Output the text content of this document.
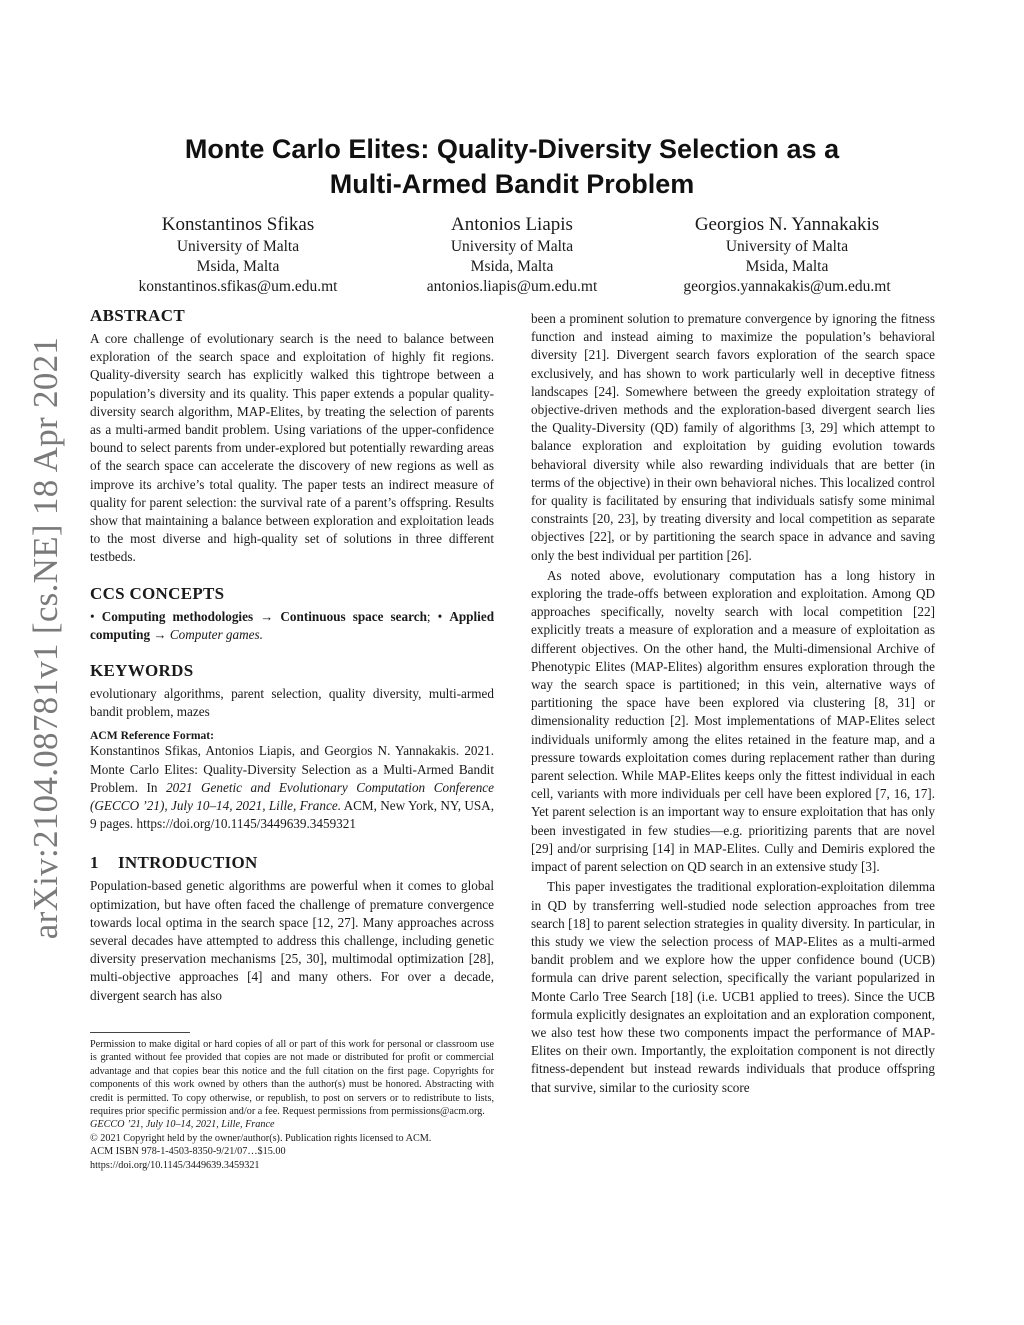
arXiv:2104.08781v1 [cs.NE] 18 Apr 2021
Monte Carlo Elites: Quality-Diversity Selection as a
Multi-Armed Bandit Problem
Konstantinos Sfikas
University of Malta
Msida, Malta
konstantinos.sfikas@um.edu.mt
Antonios Liapis
University of Malta
Msida, Malta
antonios.liapis@um.edu.mt
Georgios N. Yannakakis
University of Malta
Msida, Malta
georgios.yannakakis@um.edu.mt
ABSTRACT

A core challenge of evolutionary search is the need to balance between exploration of the search space and exploitation of highly fit regions. Quality-diversity search has explicitly walked this tightrope between a population’s diversity and its quality. This paper extends a popular quality-diversity search algorithm, MAP-Elites, by treating the selection of parents as a multi-armed bandit problem. Using variations of the upper-confidence bound to select parents from under-explored but potentially rewarding areas of the search space can accelerate the discovery of new regions as well as improve its archive’s total quality. The paper tests an indirect measure of quality for parent selection: the survival rate of a parent’s offspring. Results show that maintaining a balance between exploration and exploitation leads to the most diverse and high-quality set of solutions in three different testbeds.

CCS CONCEPTS

• Computing methodologies → Continuous space search; • Applied computing → Computer games.

KEYWORDS

evolutionary algorithms, parent selection, quality diversity, multi-armed bandit problem, mazes

ACM Reference Format:

Konstantinos Sfikas, Antonios Liapis, and Georgios N. Yannakakis. 2021. Monte Carlo Elites: Quality-Diversity Selection as a Multi-Armed Bandit Problem. In 2021 Genetic and Evolutionary Computation Conference (GECCO ’21), July 10–14, 2021, Lille, France. ACM, New York, NY, USA, 9 pages. https://doi.org/10.1145/3449639.3459321

1 INTRODUCTION

Population-based genetic algorithms are powerful when it comes to global optimization, but have often faced the challenge of premature convergence towards local optima in the search space [12, 27]. Many approaches across several decades have attempted to address this challenge, including genetic diversity preservation mechanisms [25, 30], multimodal optimization [28], multi-objective approaches [4] and many others. For over a decade, divergent search has also

Permission to make digital or hard copies of all or part of this work for personal or classroom use is granted without fee provided that copies are not made or distributed for profit or commercial advantage and that copies bear this notice and the full citation on the first page. Copyrights for components of this work owned by others than the author(s) must be honored. Abstracting with credit is permitted. To copy otherwise, or republish, to post on servers or to redistribute to lists, requires prior specific permission and/or a fee. Request permissions from permissions@acm.org.

GECCO ’21, July 10–14, 2021, Lille, France

© 2021 Copyright held by the owner/author(s). Publication rights licensed to ACM.

ACM ISBN 978-1-4503-8350-9/21/07…$15.00

https://doi.org/10.1145/3449639.3459321

been a prominent solution to premature convergence by ignoring the fitness function and instead aiming to maximize the population’s behavioral diversity [21]. Divergent search favors exploration of the search space exclusively, and has shown to work particularly well in deceptive fitness landscapes [24]. Somewhere between the greedy exploitation strategy of objective-driven methods and the exploration-based divergent search lies the Quality-Diversity (QD) family of algorithms [3, 29] which attempt to balance exploration and exploitation by guiding evolution towards behavioral diversity while also rewarding individuals that are better (in terms of the objective) in their own behavioral niches. This localized control for quality is facilitated by ensuring that individuals satisfy some minimal constraints [20, 23], by treating diversity and local competition as separate objectives [22], or by partitioning the search space in advance and saving only the best individual per partition [26].

As noted above, evolutionary computation has a long history in exploring the trade-offs between exploration and exploitation. Among QD approaches specifically, novelty search with local competition [22] explicitly treats a measure of exploration and a measure of exploitation as different objectives. On the other hand, the Multi-dimensional Archive of Phenotypic Elites (MAP-Elites) algorithm ensures exploration through the way the search space is partitioned; in this vein, alternative ways of partitioning the space have been explored via clustering [8, 31] or dimensionality reduction [2]. Most implementations of MAP-Elites select individuals uniformly among the elites retained in the feature map, and a pressure towards exploitation comes during replacement rather than during parent selection. While MAP-Elites keeps only the fittest individual in each cell, variants with more individuals per cell have been explored [7, 16, 17]. Yet parent selection is an important way to ensure exploitation that has only been investigated in few studies—e.g. prioritizing parents that are novel [29] and/or surprising [14] in MAP-Elites. Cully and Demiris explored the impact of parent selection on QD search in an extensive study [3].

This paper investigates the traditional exploration-exploitation dilemma in QD by transferring well-studied node selection approaches from tree search [18] to parent selection strategies in quality diversity. In particular, in this study we view the selection process of MAP-Elites as a multi-armed bandit problem and we explore how the upper confidence bound (UCB) formula can drive parent selection, specifically the variant popularized in Monte Carlo Tree Search [18] (i.e. UCB1 applied to trees). Since the UCB formula explicitly designates an exploitation and an exploration component, we also test how these two components impact the performance of MAP-Elites on their own. Importantly, the exploitation component is not directly fitness-dependent but instead rewards individuals that produce offspring that survive, similar to the curiosity score
